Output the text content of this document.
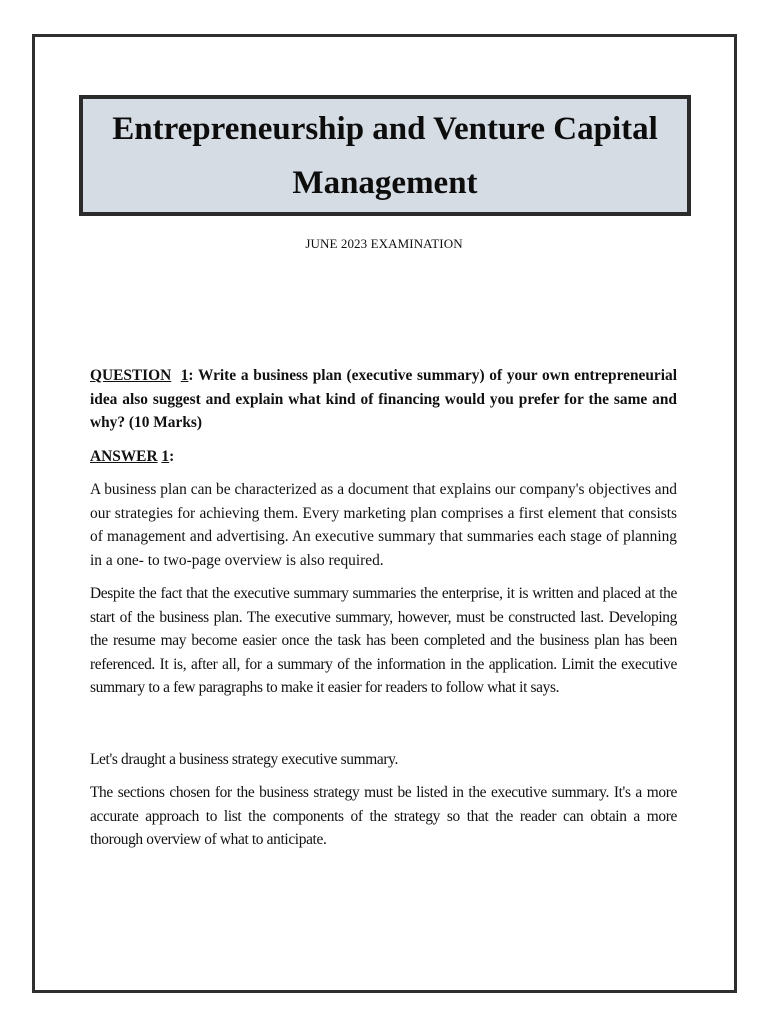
Entrepreneurship and Venture Capital
Management
JUNE 2023 EXAMINATION

QUESTION 1: Write a business plan (executive summary) of your own entrepreneurial idea also suggest and explain what kind of financing would you prefer for the same and why? (10 Marks)

ANSWER 1:

A business plan can be characterized as a document that explains our company's objectives and our strategies for achieving them. Every marketing plan comprises a first element that consists of management and advertising. An executive summary that summaries each stage of planning in a one- to two-page overview is also required.

Despite the fact that the executive summary summaries the enterprise, it is written and placed at the start of the business plan. The executive summary, however, must be constructed last. Developing the resume may become easier once the task has been completed and the business plan has been referenced. It is, after all, for a summary of the information in the application. Limit the executive summary to a few paragraphs to make it easier for readers to follow what it says.

Let's draught a business strategy executive summary.

The sections chosen for the business strategy must be listed in the executive summary. It's a more accurate approach to list the components of the strategy so that the reader can obtain a more thorough overview of what to anticipate.
